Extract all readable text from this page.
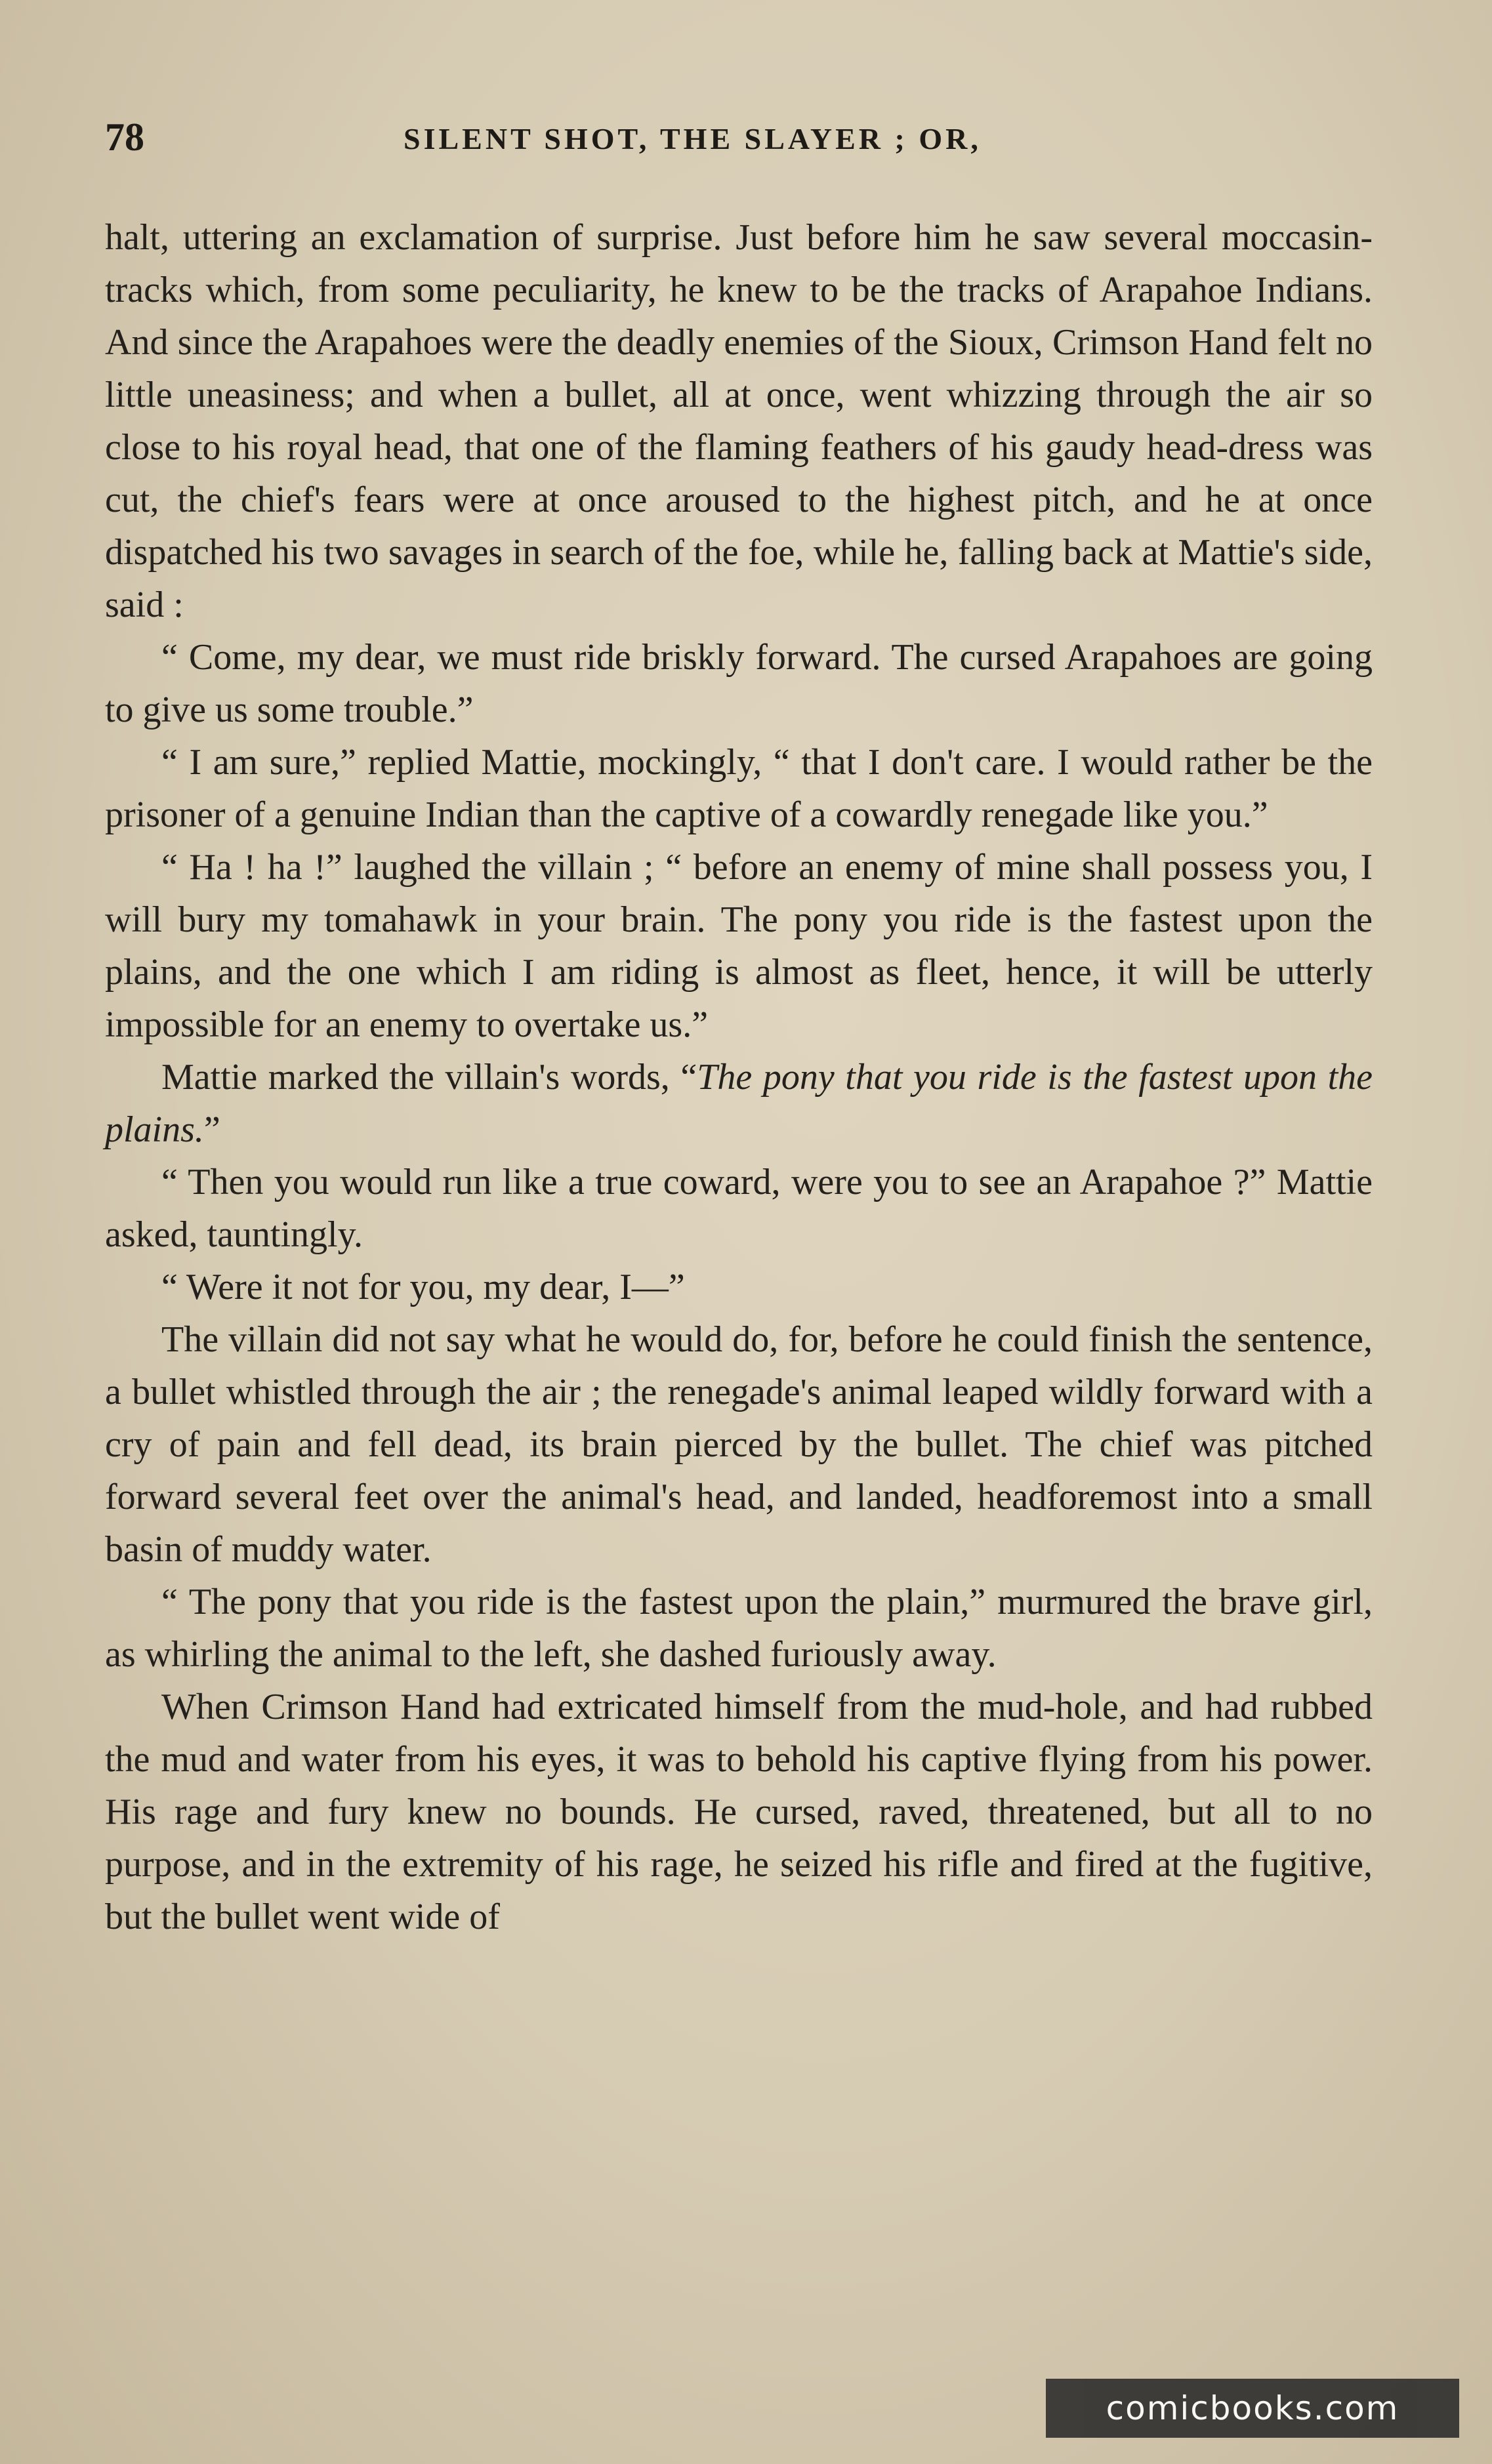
78	SILENT SHOT, THE SLAYER ; OR,

halt, uttering an exclamation of surprise. Just before him he saw several moccasin-tracks which, from some peculiarity, he knew to be the tracks of Arapahoe Indians. And since the Arapahoes were the deadly enemies of the Sioux, Crimson Hand felt no little uneasiness; and when a bullet, all at once, went whizzing through the air so close to his royal head, that one of the flaming feathers of his gaudy head-dress was cut, the chief's fears were at once aroused to the highest pitch, and he at once dispatched his two savages in search of the foe, while he, falling back at Mattie's side, said :

“ Come, my dear, we must ride briskly forward. The cursed Arapahoes are going to give us some trouble.”

“ I am sure,” replied Mattie, mockingly, “ that I don't care. I would rather be the prisoner of a genuine Indian than the captive of a cowardly renegade like you.”

“ Ha ! ha !” laughed the villain ; “ before an enemy of mine shall possess you, I will bury my tomahawk in your brain. The pony you ride is the fastest upon the plains, and the one which I am riding is almost as fleet, hence, it will be utterly impossible for an enemy to overtake us.”

Mattie marked the villain's words, “The pony that you ride is the fastest upon the plains.”

“ Then you would run like a true coward, were you to see an Arapahoe ?” Mattie asked, tauntingly.

“ Were it not for you, my dear, I—”

The villain did not say what he would do, for, before he could finish the sentence, a bullet whistled through the air ; the renegade's animal leaped wildly forward with a cry of pain and fell dead, its brain pierced by the bullet. The chief was pitched forward several feet over the animal's head, and landed, headforemost into a small basin of muddy water.

“ The pony that you ride is the fastest upon the plain,” murmured the brave girl, as whirling the animal to the left, she dashed furiously away.

When Crimson Hand had extricated himself from the mud-hole, and had rubbed the mud and water from his eyes, it was to behold his captive flying from his power. His rage and fury knew no bounds. He cursed, raved, threatened, but all to no purpose, and in the extremity of his rage, he seized his rifle and fired at the fugitive, but the bullet went wide of

comicbooks.com
